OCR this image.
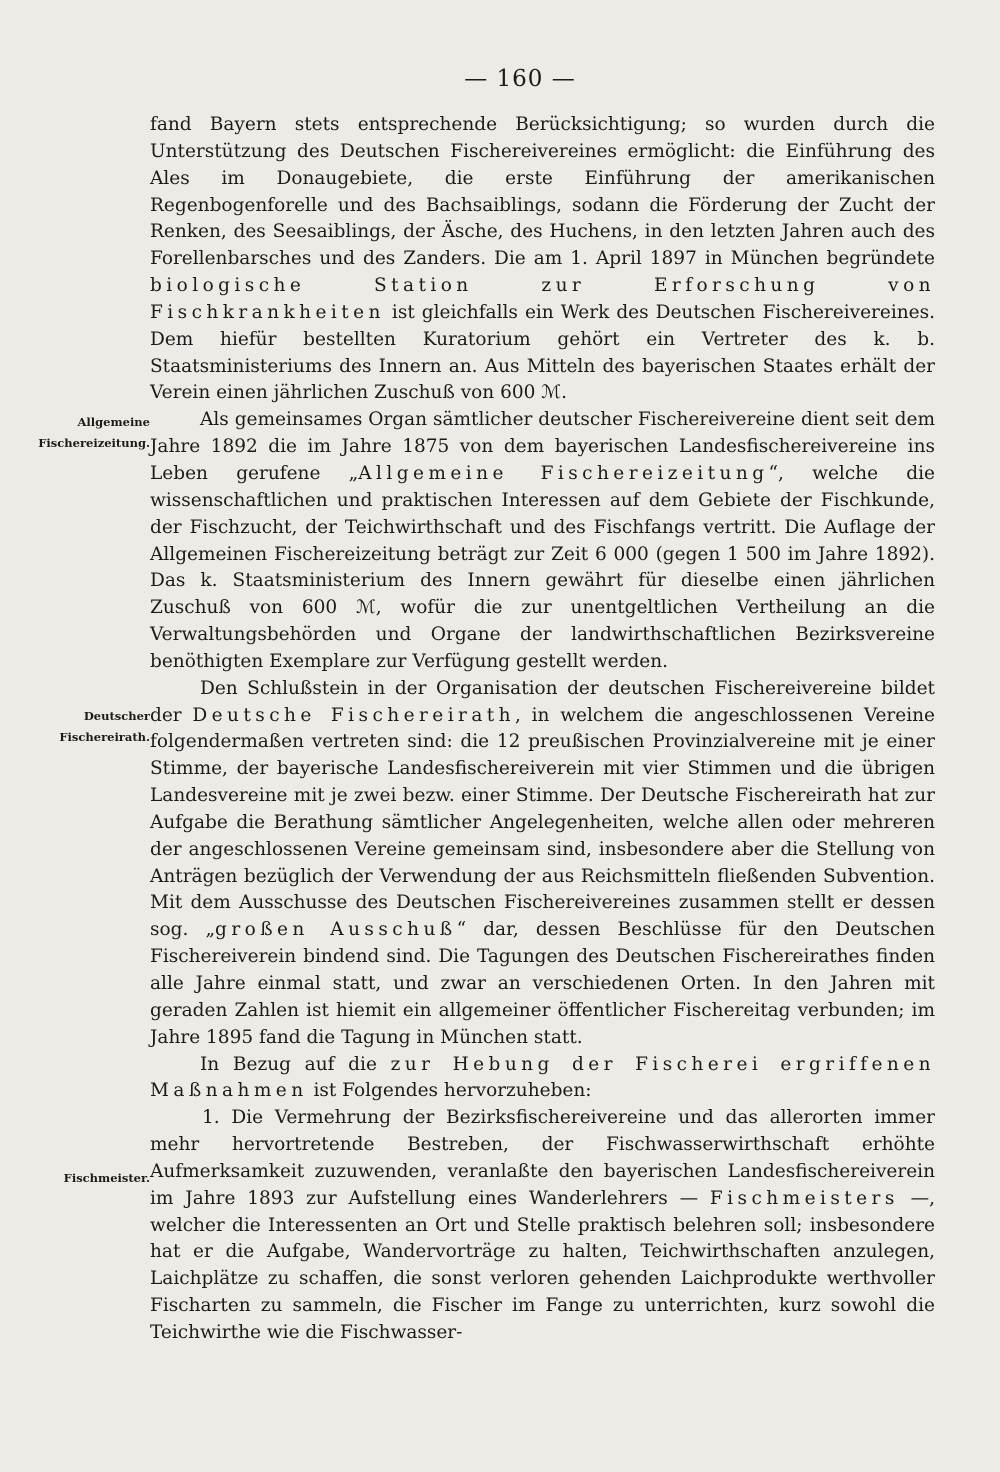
— 160 —
Allgemeine
Fischereizeitung.
Deutscher
Fischereirath.
Fischmeister.

fand Bayern stets entsprechende Berücksichtigung; so wurden durch die Unterstützung des Deutschen Fischereivereines ermöglicht: die Einführung des Ales im Donaugebiete, die erste Einführung der amerikanischen Regenbogenforelle und des Bachsaiblings, sodann die Förderung der Zucht der Renken, des Seesaiblings, der Äsche, des Huchens, in den letzten Jahren auch des Forellenbarsches und des Zanders. Die am 1. April 1897 in München begründete biologische Station zur Erforschung von Fischkrankheiten ist gleichfalls ein Werk des Deutschen Fischereivereines. Dem hiefür bestellten Kuratorium gehört ein Vertreter des k. b. Staatsministeriums des Innern an. Aus Mitteln des bayerischen Staates erhält der Verein einen jährlichen Zuschuß von 600 ℳ.

Als gemeinsames Organ sämtlicher deutscher Fischereivereine dient seit dem Jahre 1892 die im Jahre 1875 von dem bayerischen Landesfischereivereine ins Leben gerufene „Allgemeine Fischereizeitung“, welche die wissenschaftlichen und praktischen Interessen auf dem Gebiete der Fischkunde, der Fischzucht, der Teichwirthschaft und des Fischfangs vertritt. Die Auflage der Allgemeinen Fischereizeitung beträgt zur Zeit 6 000 (gegen 1 500 im Jahre 1892). Das k. Staatsministerium des Innern gewährt für dieselbe einen jährlichen Zuschuß von 600 ℳ, wofür die zur unentgeltlichen Vertheilung an die Verwaltungsbehörden und Organe der landwirthschaftlichen Bezirksvereine benöthigten Exemplare zur Verfügung gestellt werden.

Den Schlußstein in der Organisation der deutschen Fischereivereine bildet der Deutsche Fischereirath, in welchem die angeschlossenen Vereine folgendermaßen vertreten sind: die 12 preußischen Provinzialvereine mit je einer Stimme, der bayerische Landesfischereiverein mit vier Stimmen und die übrigen Landesvereine mit je zwei bezw. einer Stimme. Der Deutsche Fischereirath hat zur Aufgabe die Berathung sämtlicher Angelegenheiten, welche allen oder mehreren der angeschlossenen Vereine gemeinsam sind, insbesondere aber die Stellung von Anträgen bezüglich der Verwendung der aus Reichsmitteln fließenden Subvention. Mit dem Ausschusse des Deutschen Fischereivereines zusammen stellt er dessen sog. „großen Ausschuß“ dar, dessen Beschlüsse für den Deutschen Fischereiverein bindend sind. Die Tagungen des Deutschen Fischereirathes finden alle Jahre einmal statt, und zwar an verschiedenen Orten. In den Jahren mit geraden Zahlen ist hiemit ein allgemeiner öffentlicher Fischereitag verbunden; im Jahre 1895 fand die Tagung in München statt.

In Bezug auf die zur Hebung der Fischerei ergriffenen Maßnahmen ist Folgendes hervorzuheben:

1. Die Vermehrung der Bezirksfischereivereine und das allerorten immer mehr hervortretende Bestreben, der Fischwasserwirthschaft erhöhte Aufmerksamkeit zuzuwenden, veranlaßte den bayerischen Landesfischereiverein im Jahre 1893 zur Aufstellung eines Wanderlehrers — Fischmeisters —, welcher die Interessenten an Ort und Stelle praktisch belehren soll; insbesondere hat er die Aufgabe, Wandervorträge zu halten, Teichwirthschaften anzulegen, Laichplätze zu schaffen, die sonst verloren gehenden Laichprodukte werthvoller Fischarten zu sammeln, die Fischer im Fange zu unterrichten, kurz sowohl die Teichwirthe wie die Fischwasser-
